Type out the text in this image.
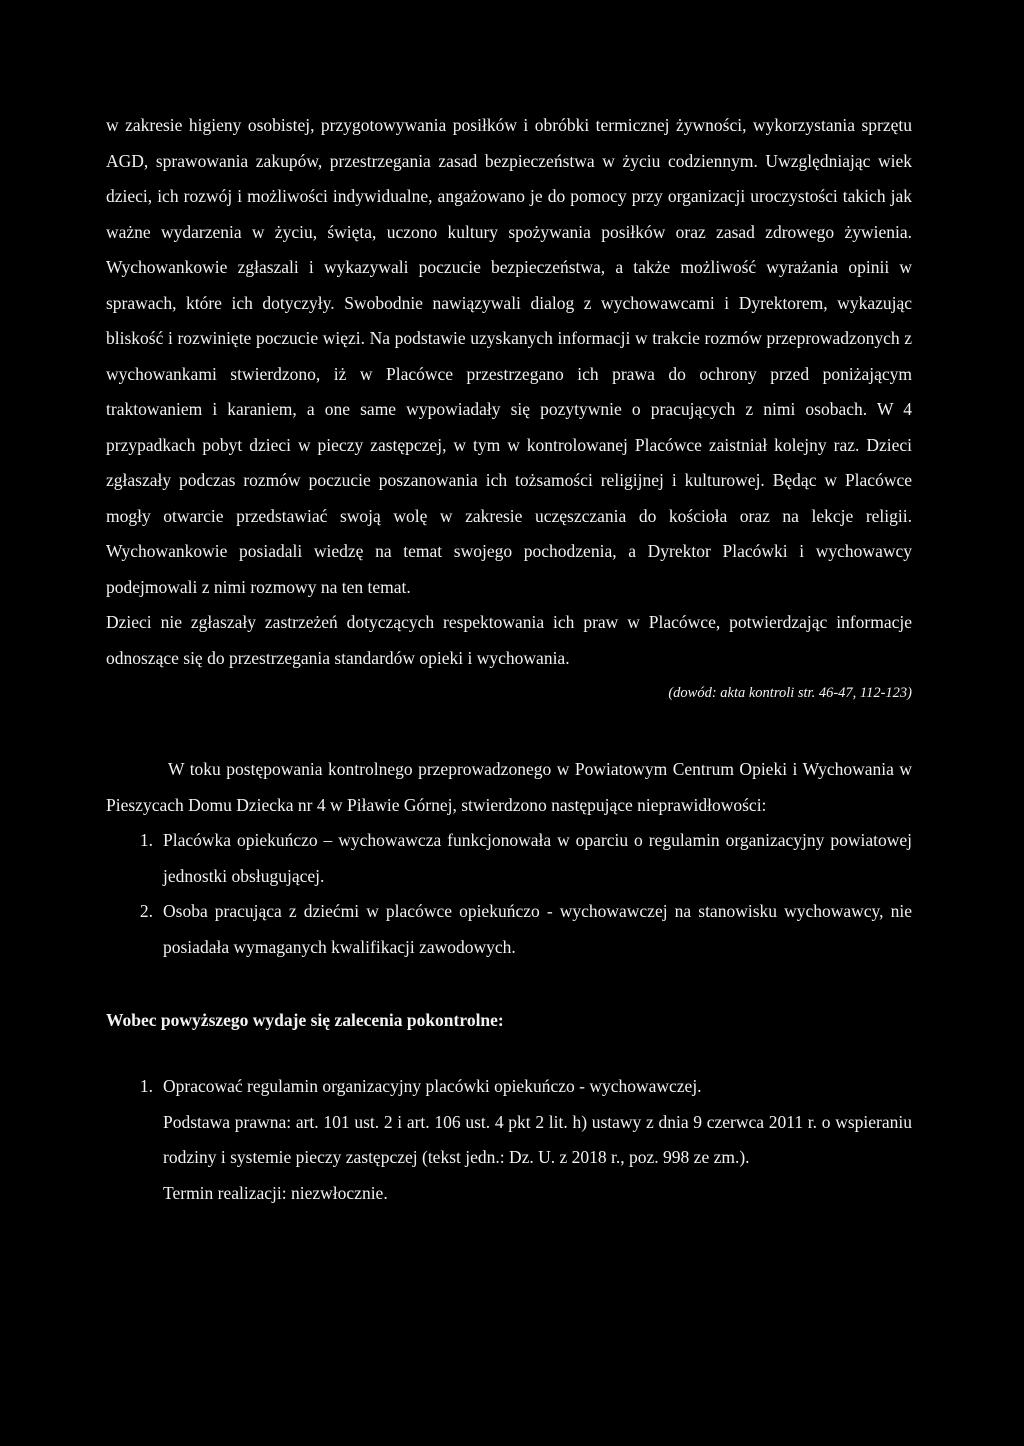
w zakresie higieny osobistej, przygotowywania posiłków i obróbki termicznej żywności, wykorzystania sprzętu AGD, sprawowania zakupów, przestrzegania zasad bezpieczeństwa w życiu codziennym. Uwzględniając wiek dzieci, ich rozwój i możliwości indywidualne, angażowano je do pomocy przy organizacji uroczystości takich jak ważne wydarzenia w życiu, święta, uczono kultury spożywania posiłków oraz zasad zdrowego żywienia. Wychowankowie zgłaszali i wykazywali poczucie bezpieczeństwa, a także możliwość wyrażania opinii w sprawach, które ich dotyczyły. Swobodnie nawiązywali dialog z wychowawcami i Dyrektorem, wykazując bliskość i rozwinięte poczucie więzi. Na podstawie uzyskanych informacji w trakcie rozmów przeprowadzonych z wychowankami stwierdzono, iż w Placówce przestrzegano ich prawa do ochrony przed poniżającym traktowaniem i karaniem, a one same wypowiadały się pozytywnie o pracujących z nimi osobach. W 4 przypadkach pobyt dzieci w pieczy zastępczej, w tym w kontrolowanej Placówce zaistniał kolejny raz. Dzieci zgłaszały podczas rozmów poczucie poszanowania ich tożsamości religijnej i kulturowej. Będąc w Placówce mogły otwarcie przedstawiać swoją wolę w zakresie uczęszczania do kościoła oraz na lekcje religii. Wychowankowie posiadali wiedzę na temat swojego pochodzenia, a Dyrektor Placówki i wychowawcy podejmowali z nimi rozmowy na ten temat.

Dzieci nie zgłaszały zastrzeżeń dotyczących respektowania ich praw w Placówce, potwierdzając informacje odnoszące się do przestrzegania standardów opieki i wychowania.

(dowód: akta kontroli str. 46-47, 112-123)

W toku postępowania kontrolnego przeprowadzonego w Powiatowym Centrum Opieki i Wychowania w Pieszycach Domu Dziecka nr 4 w Piławie Górnej, stwierdzono następujące nieprawidłowości:

1. Placówka opiekuńczo – wychowawcza funkcjonowała w oparciu o regulamin organizacyjny powiatowej jednostki obsługującej.
2. Osoba pracująca z dziećmi w placówce opiekuńczo - wychowawczej na stanowisku wychowawcy, nie posiadała wymaganych kwalifikacji zawodowych.

Wobec powyższego wydaje się zalecenia pokontrolne:

1. Opracować regulamin organizacyjny placówki opiekuńczo - wychowawczej.
Podstawa prawna: art. 101 ust. 2 i art. 106 ust. 4 pkt 2 lit. h) ustawy z dnia 9 czerwca 2011 r. o wspieraniu rodziny i systemie pieczy zastępczej (tekst jedn.: Dz. U. z 2018 r., poz. 998 ze zm.).
Termin realizacji: niezwłocznie.
